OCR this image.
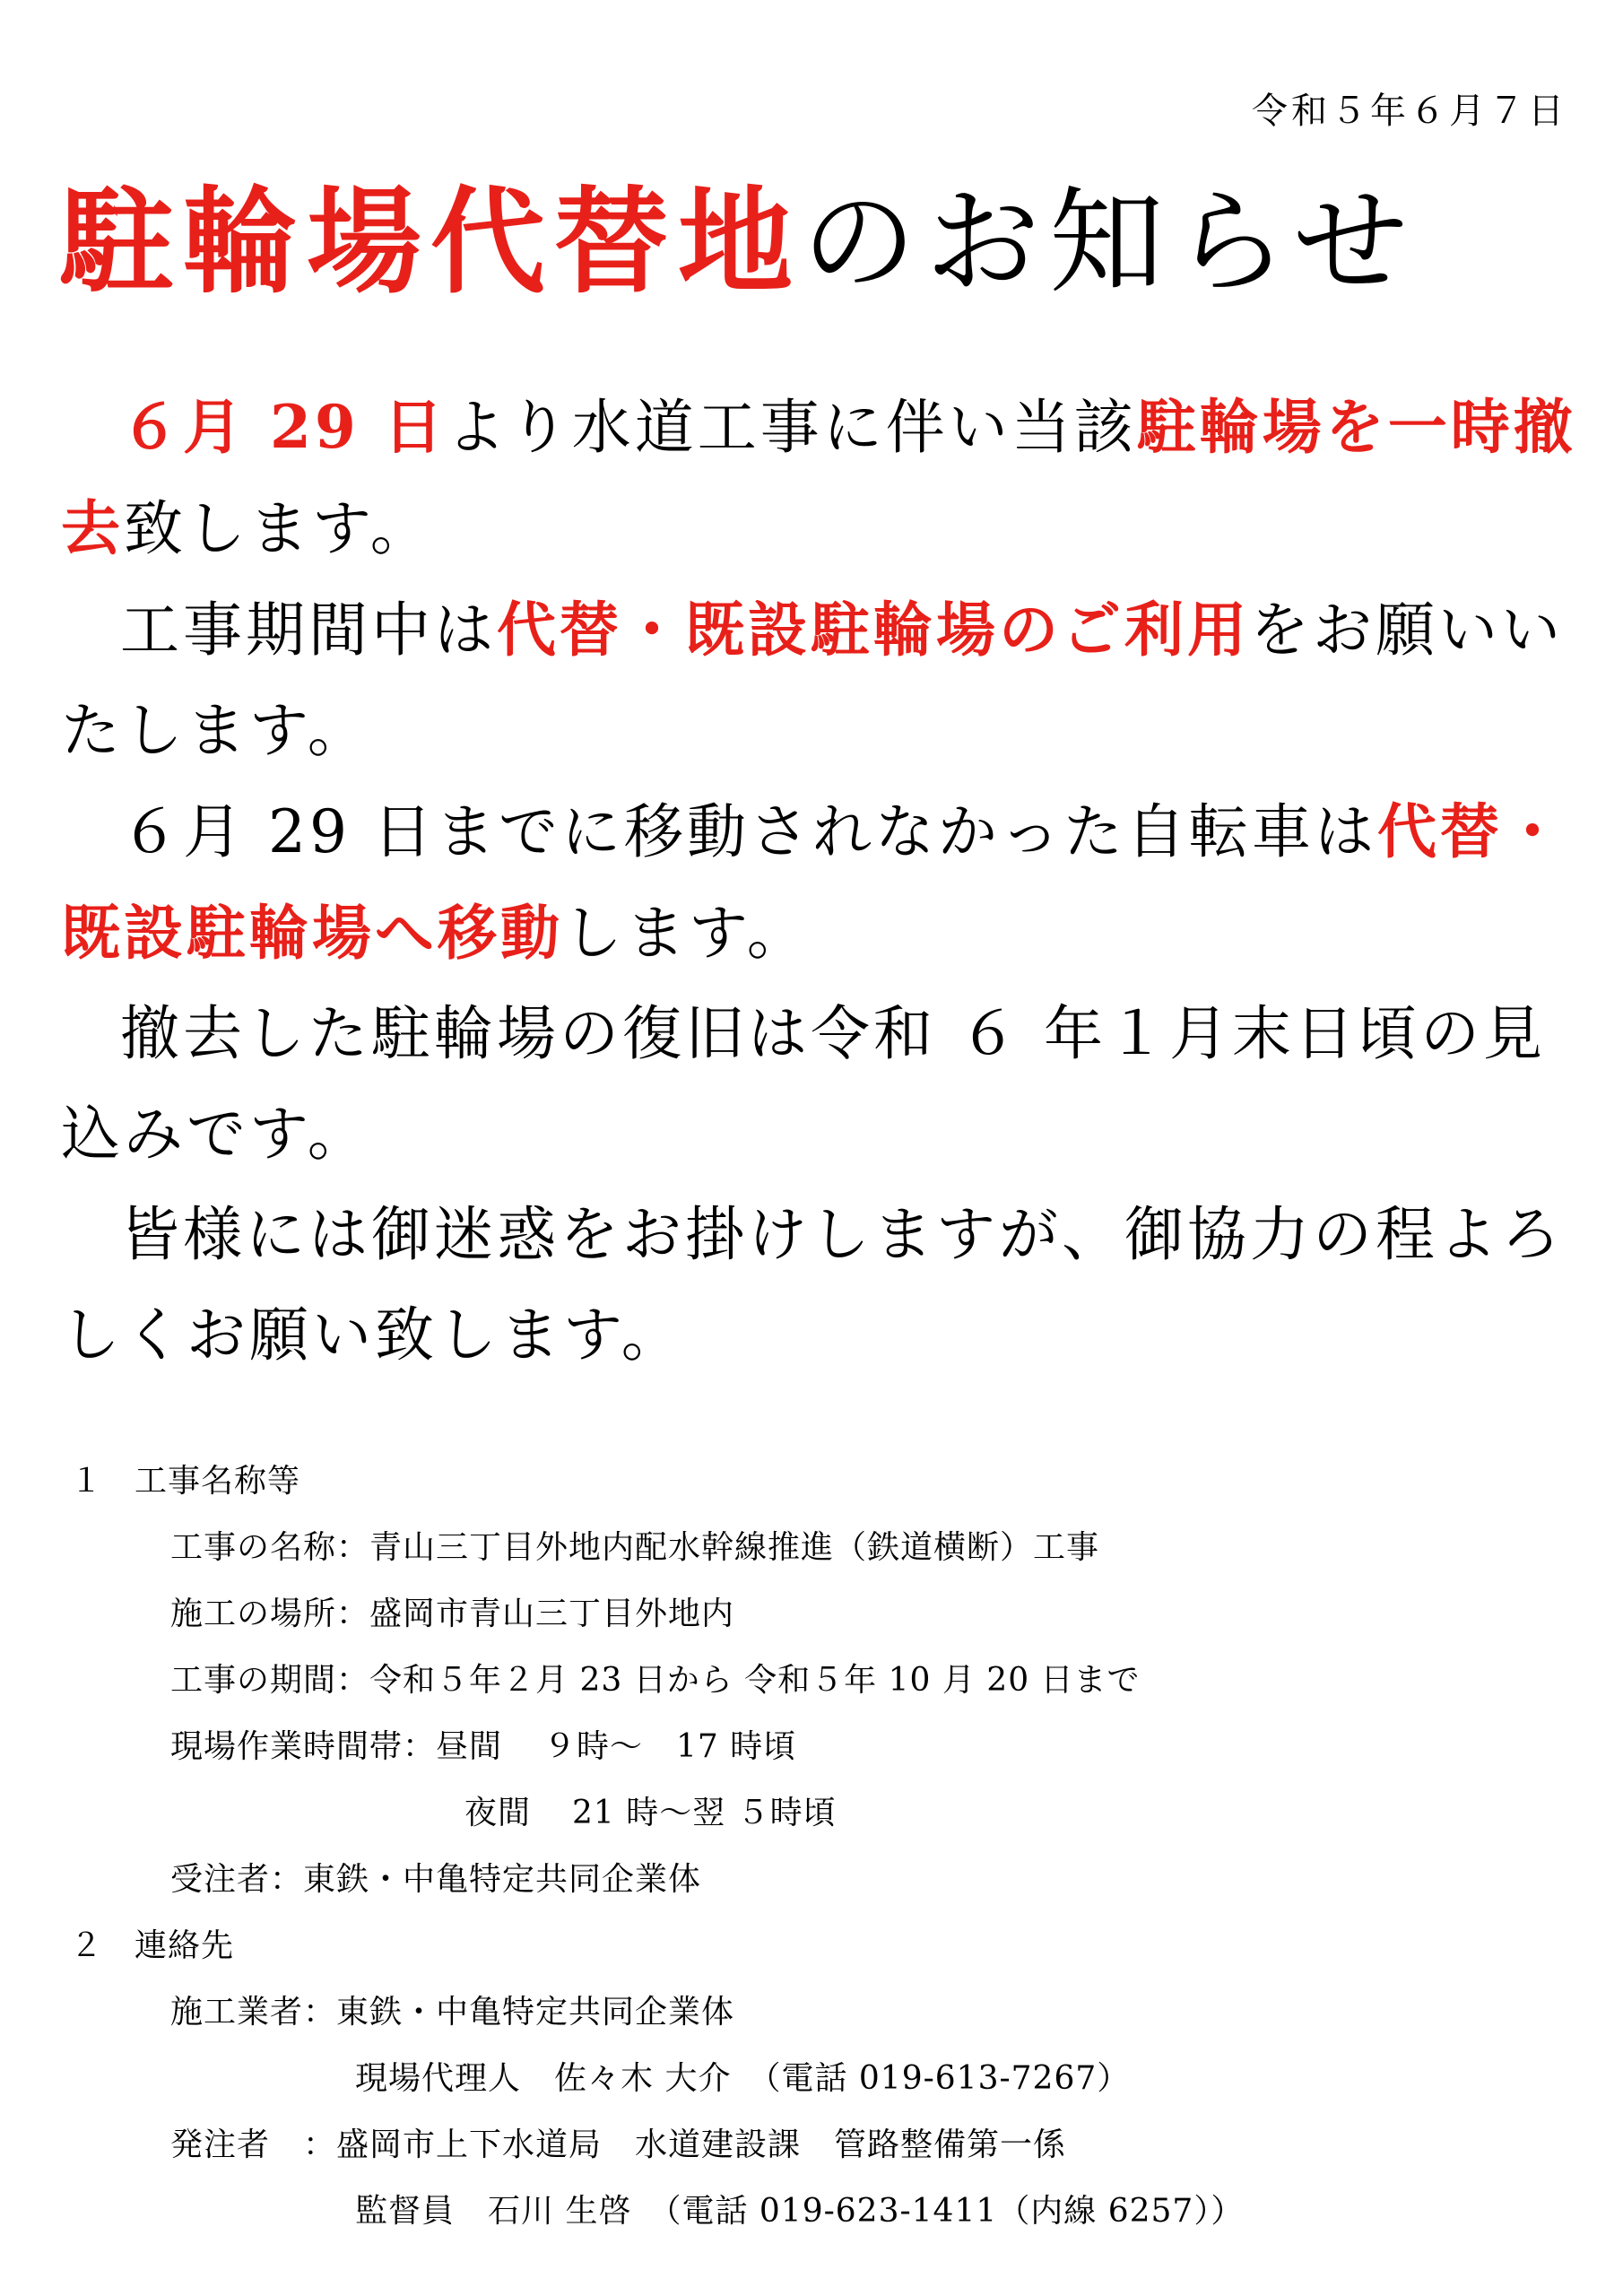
令和５年６月７日
駐輪場代替地のお知らせ

６月 29 日より水道工事に伴い当該駐輪場を一時撤去致します。

工事期間中は代替・既設駐輪場のご利用をお願いいたします。

６月 29 日までに移動されなかった自転車は代替・既設駐輪場へ移動します。

撤去した駐輪場の復旧は令和 ６ 年１月末日頃の見込みです。

皆様には御迷惑をお掛けしますが、御協力の程よろしくお願い致します。

１ 工事名称等
工事の名称： 青山三丁目外地内配水幹線推進（鉄道横断）工事
施工の場所： 盛岡市青山三丁目外地内
工事の期間： 令和５年２月 23 日から 令和５年 10 月 20 日まで
現場作業時間帯： 昼間	９時～　17 時頃
夜間	21 時～翌 ５時頃
受注者： 東鉄・中亀特定共同企業体
２ 連絡先
施工業者： 東鉄・中亀特定共同企業体
現場代理人　佐々木 大介　（電話 019-613-7267）
発注者　： 盛岡市上下水道局　水道建設課　管路整備第一係
監督員　石川 生啓　（電話 019-623-1411（内線 6257））
